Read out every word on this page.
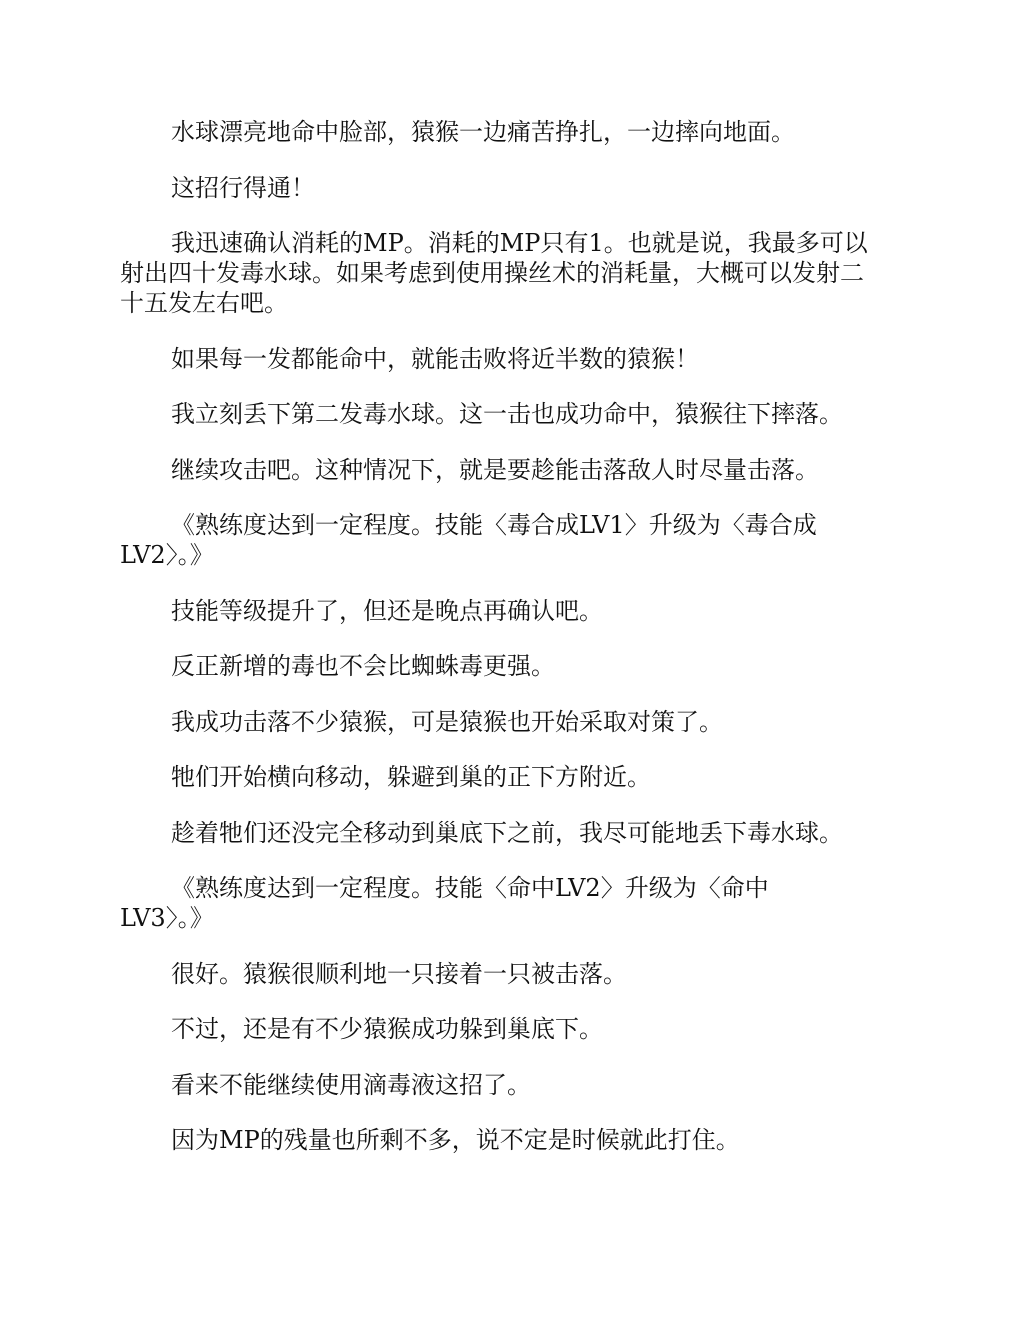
水球漂亮地命中脸部，猿猴一边痛苦挣扎，一边摔向地面。

这招行得通！

我迅速确认消耗的MP。消耗的MP只有1。也就是说，我最多可以
射出四十发毒水球。如果考虑到使用操丝术的消耗量，大概可以发射二
十五发左右吧。

如果每一发都能命中，就能击败将近半数的猿猴！

我立刻丢下第二发毒水球。这一击也成功命中，猿猴往下摔落。

继续攻击吧。这种情况下，就是要趁能击落敌人时尽量击落。

《熟练度达到一定程度。技能〈毒合成LV1〉升级为〈毒合成
LV2〉。》

技能等级提升了，但还是晚点再确认吧。

反正新增的毒也不会比蜘蛛毒更强。

我成功击落不少猿猴，可是猿猴也开始采取对策了。

牠们开始横向移动，躲避到巢的正下方附近。

趁着牠们还没完全移动到巢底下之前，我尽可能地丢下毒水球。

《熟练度达到一定程度。技能〈命中LV2〉升级为〈命中
LV3〉。》

很好。猿猴很顺利地一只接着一只被击落。

不过，还是有不少猿猴成功躲到巢底下。

看来不能继续使用滴毒液这招了。

因为MP的残量也所剩不多，说不定是时候就此打住。
